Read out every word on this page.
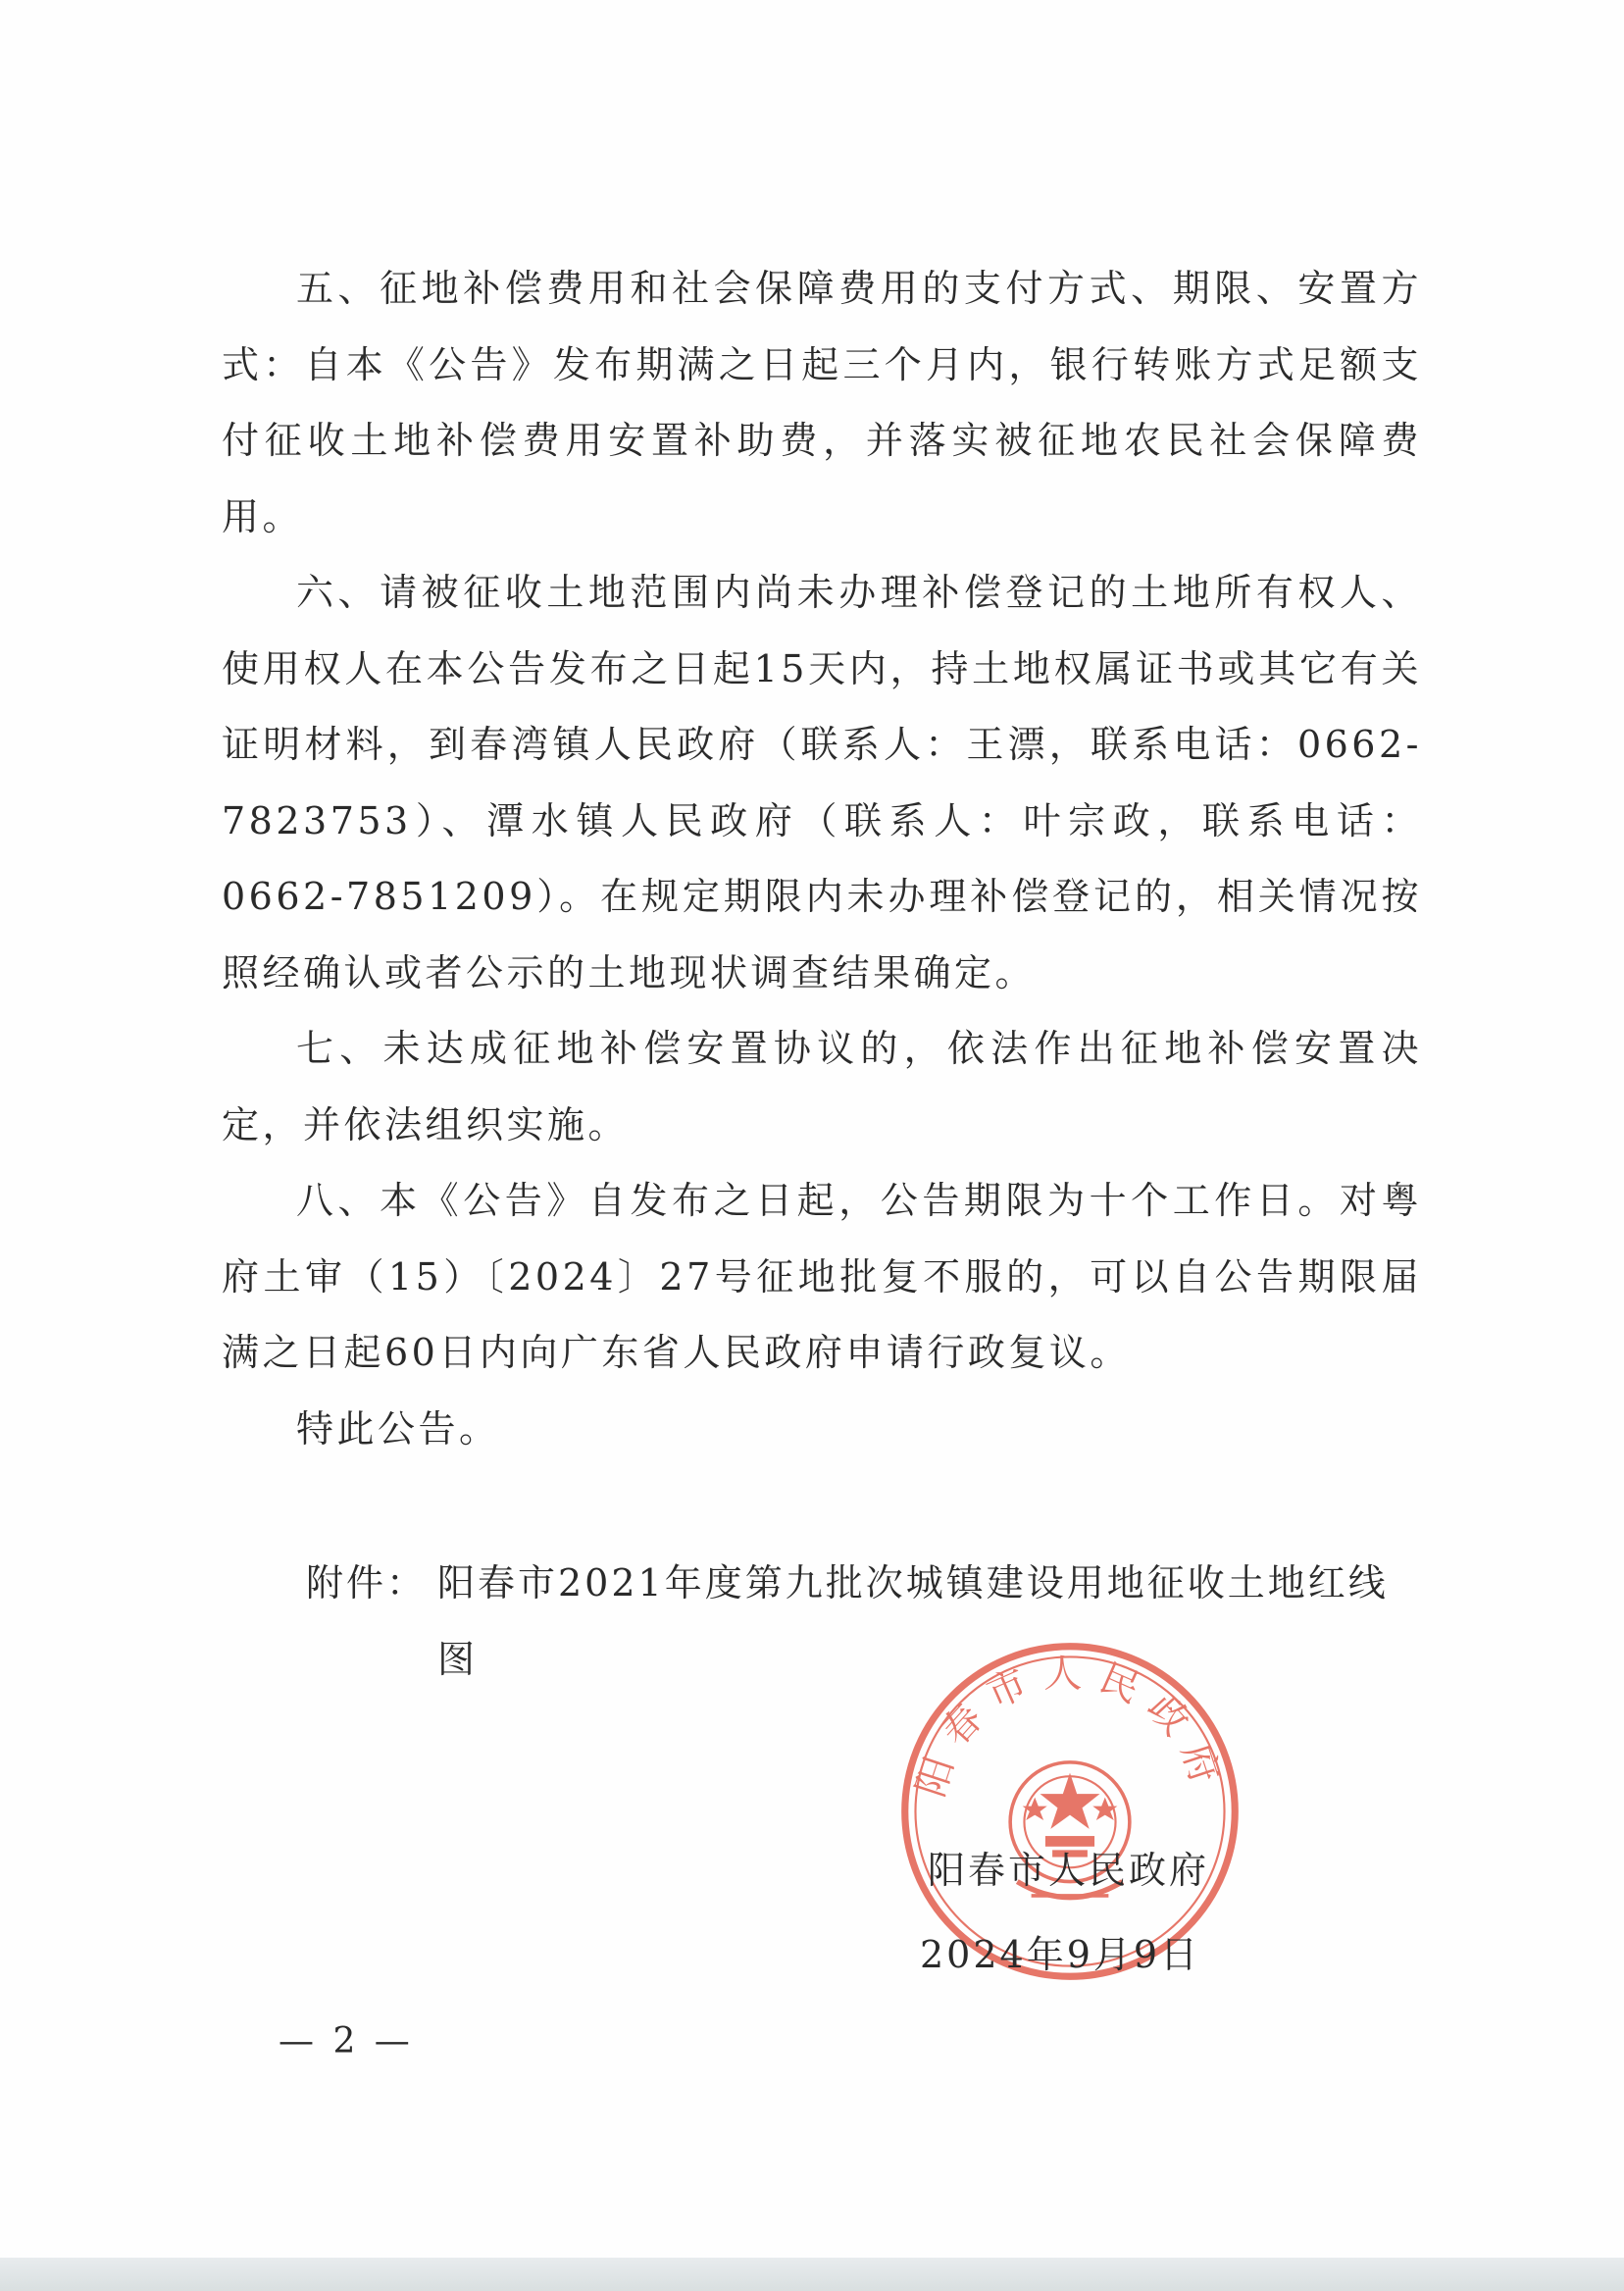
五、征地补偿费用和社会保障费用的支付方式、期限、安置方式：自本《公告》发布期满之日起三个月内，银行转账方式足额支付征收土地补偿费用安置补助费，并落实被征地农民社会保障费用。

六、请被征收土地范围内尚未办理补偿登记的土地所有权人、使用权人在本公告发布之日起15天内，持土地权属证书或其它有关证明材料，到春湾镇人民政府（联系人：王漂，联系电话：0662-7823753）、潭水镇人民政府（联系人：叶宗政，联系电话：0662-7851209）。在规定期限内未办理补偿登记的，相关情况按照经确认或者公示的土地现状调查结果确定。

七、未达成征地补偿安置协议的，依法作出征地补偿安置决定，并依法组织实施。

八、本《公告》自发布之日起，公告期限为十个工作日。对粤府土审（15）〔2024〕27号征地批复不服的，可以自公告期限届满之日起60日内向广东省人民政府申请行政复议。

特此公告。

附件： 阳春市2021年度第九批次城镇建设用地征收土地红线图
阳春市人民政府
阳春市人民政府
2024年9月9日
— 2 —
